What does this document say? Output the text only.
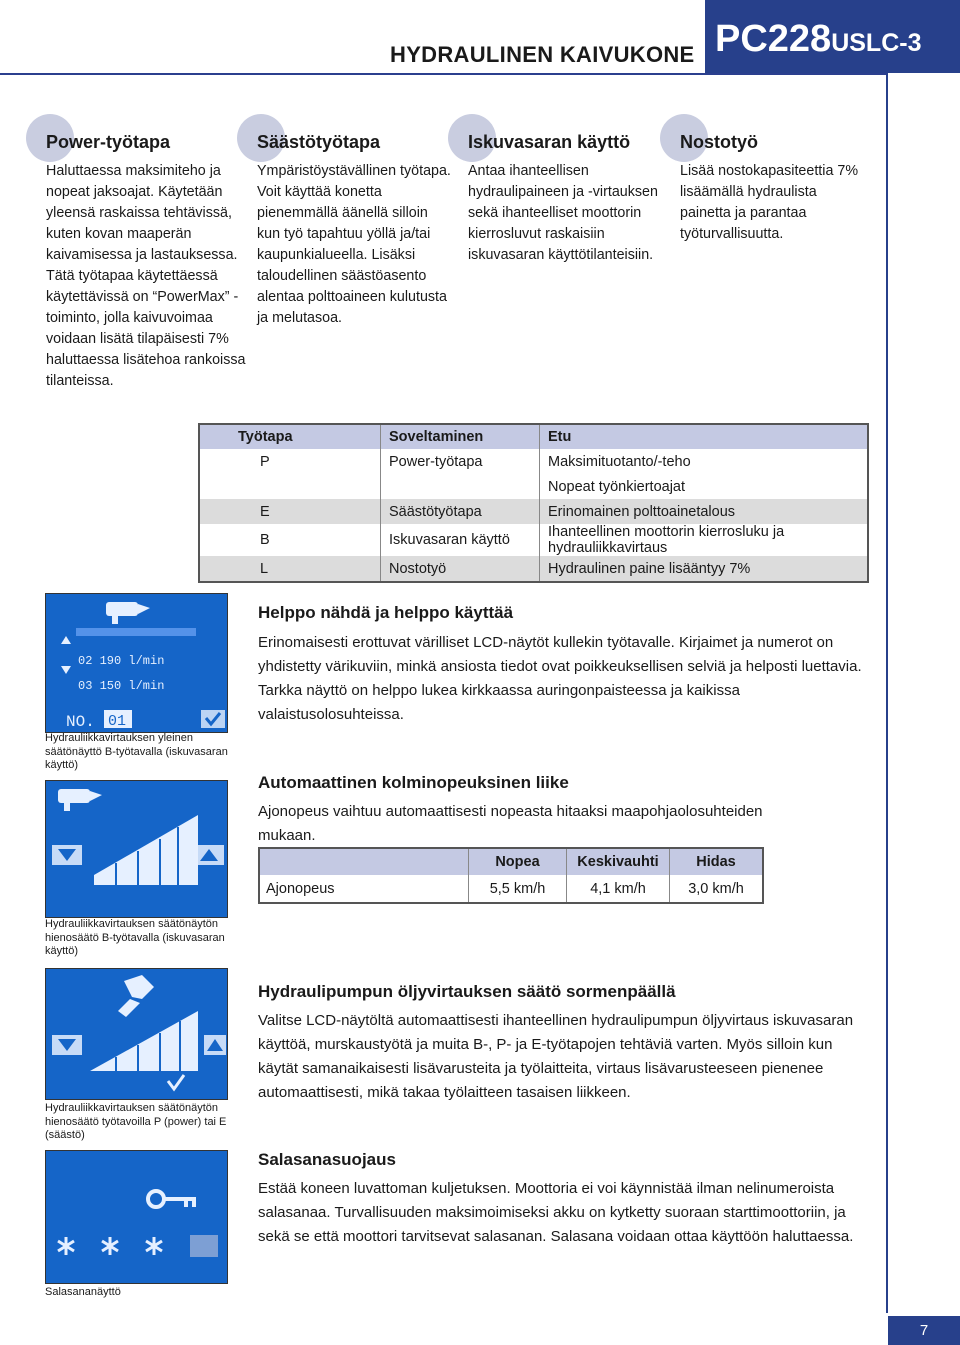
HYDRAULINEN KAIVUKONE PC228USLC-3
Power-työtapa

Haluttaessa maksimiteho ja nopeat jaksoajat. Käytetään yleensä raskaissa tehtävissä, kuten kovan maaperän kaivamisessa ja lastauksessa. Tätä työtapaa käytettäessä käytettävissä on “PowerMax” -toiminto, jolla kaivuvoimaa voidaan lisätä tilapäisesti 7% haluttaessa lisätehoa rankoissa tilanteissa.

Säästötyötapa

Ympäristöystävällinen työtapa. Voit käyttää konetta pienemmällä äänellä silloin kun työ tapahtuu yöllä ja/tai kaupunkialueella. Lisäksi taloudellinen säästöasento alentaa polttoaineen kulutusta ja melutasoa.

Iskuvasaran käyttö

Antaa ihanteellisen hydraulipaineen ja -virtauksen sekä ihanteelliset moottorin kierrosluvut raskaisiin iskuvasaran käyttötilanteisiin.

Nostotyö

Lisää nostokapasiteettia 7% lisäämällä hydraulista painetta ja parantaa työturvallisuutta.

Työtapa	Soveltaminen	Etu
P	Power-työtapa	Maksimituotanto/-teho
		Nopeat työnkiertoajat
E	Säästötyötapa	Erinomainen polttoainetalous
B	Iskuvasaran käyttö	Ihanteellinen moottorin kierrosluku ja hydrauliikkavirtaus
L	Nostotyö	Hydraulinen paine lisääntyy 7%
02 190 l/min
03 150 l/min
NO. 01
Hydrauliikkavirtauksen yleinen säätönäyttö B-työtavalla (iskuvasaran käyttö)
Hydrauliikkavirtauksen säätönäytön hienosäätö B-työtavalla (iskuvasaran käyttö)
Hydrauliikkavirtauksen säätönäytön hienosäätö työtavoilla P (power) tai E (säästö)
Salasananäyttö
Helppo nähdä ja helppo käyttää

Erinomaisesti erottuvat värilliset LCD-näytöt kullekin työtavalle. Kirjaimet ja numerot on yhdistetty värikuviin, minkä ansiosta tiedot ovat poikkeuksellisen selviä ja helposti luettavia. Tarkka näyttö on helppo lukea kirkkaassa auringonpaisteessa ja kaikissa valaistusolosuhteissa.

Automaattinen kolminopeuksinen liike

Ajonopeus vaihtuu automaattisesti nopeasta hitaaksi maapohjaolosuhteiden mukaan.

	Nopea	Keskivauhti	Hidas
Ajonopeus	5,5 km/h	4,1 km/h	3,0 km/h
Hydraulipumpun öljyvirtauksen säätö sormenpäällä

Valitse LCD-näytöltä automaattisesti ihanteellinen hydraulipumpun öljyvirtaus iskuvasaran käyttöä, murskaustyötä ja muita B-, P- ja E-työtapojen tehtäviä varten. Myös silloin kun käytät samanaikaisesti lisävarusteita ja työlaitteita, virtaus lisävarusteeseen pienenee automaattisesti, mikä takaa työlaitteen tasaisen liikkeen.

Salasanasuojaus

Estää koneen luvattoman kuljetuksen. Moottoria ei voi käynnistää ilman nelinumeroista salasanaa. Turvallisuuden maksimoimiseksi akku on kytketty suoraan starttimoottoriin, ja sekä se että moottori tarvitsevat salasanan. Salasana voidaan ottaa käyttöön haluttaessa.

7
